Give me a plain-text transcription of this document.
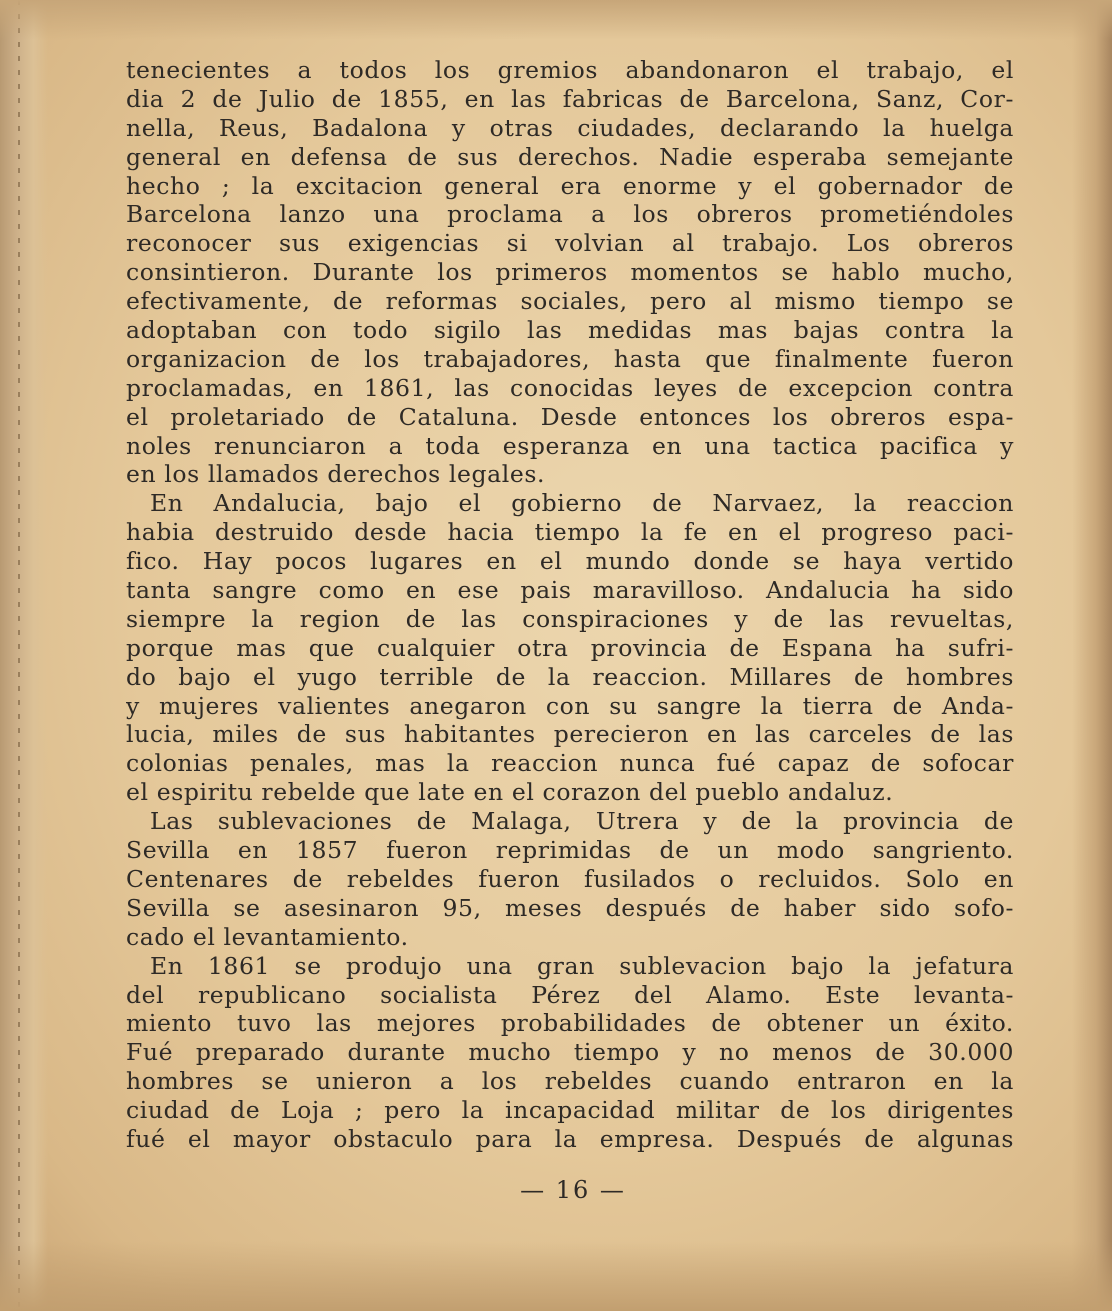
tenecientes a todos los gremios abandonaron el trabajo, el
dia 2 de Julio de 1855, en las fabricas de Barcelona, Sanz, Cor-
nella, Reus, Badalona y otras ciudades, declarando la huelga
general en defensa de sus derechos. Nadie esperaba semejante
hecho ; la excitacion general era enorme y el gobernador de
Barcelona lanzo una proclama a los obreros prometiéndoles
reconocer sus exigencias si volvian al trabajo. Los obreros
consintieron. Durante los primeros momentos se hablo mucho,
efectivamente, de reformas sociales, pero al mismo tiempo se
adoptaban con todo sigilo las medidas mas bajas contra la
organizacion de los trabajadores, hasta que finalmente fueron
proclamadas, en 1861, las conocidas leyes de excepcion contra
el proletariado de Cataluna. Desde entonces los obreros espa-
noles renunciaron a toda esperanza en una tactica pacifica y
en los llamados derechos legales.
En Andalucia, bajo el gobierno de Narvaez, la reaccion
habia destruido desde hacia tiempo la fe en el progreso paci-
fico. Hay pocos lugares en el mundo donde se haya vertido
tanta sangre como en ese pais maravilloso. Andalucia ha sido
siempre la region de las conspiraciones y de las revueltas,
porque mas que cualquier otra provincia de Espana ha sufri-
do bajo el yugo terrible de la reaccion. Millares de hombres
y mujeres valientes anegaron con su sangre la tierra de Anda-
lucia, miles de sus habitantes perecieron en las carceles de las
colonias penales, mas la reaccion nunca fué capaz de sofocar
el espiritu rebelde que late en el corazon del pueblo andaluz.
Las sublevaciones de Malaga, Utrera y de la provincia de
Sevilla en 1857 fueron reprimidas de un modo sangriento.
Centenares de rebeldes fueron fusilados o recluidos. Solo en
Sevilla se asesinaron 95, meses después de haber sido sofo-
cado el levantamiento.
En 1861 se produjo una gran sublevacion bajo la jefatura
del republicano socialista Pérez del Alamo. Este levanta-
miento tuvo las mejores probabilidades de obtener un éxito.
Fué preparado durante mucho tiempo y no menos de 30.000
hombres se unieron a los rebeldes cuando entraron en la
ciudad de Loja ; pero la incapacidad militar de los dirigentes
fué el mayor obstaculo para la empresa. Después de algunas
— 16 —
